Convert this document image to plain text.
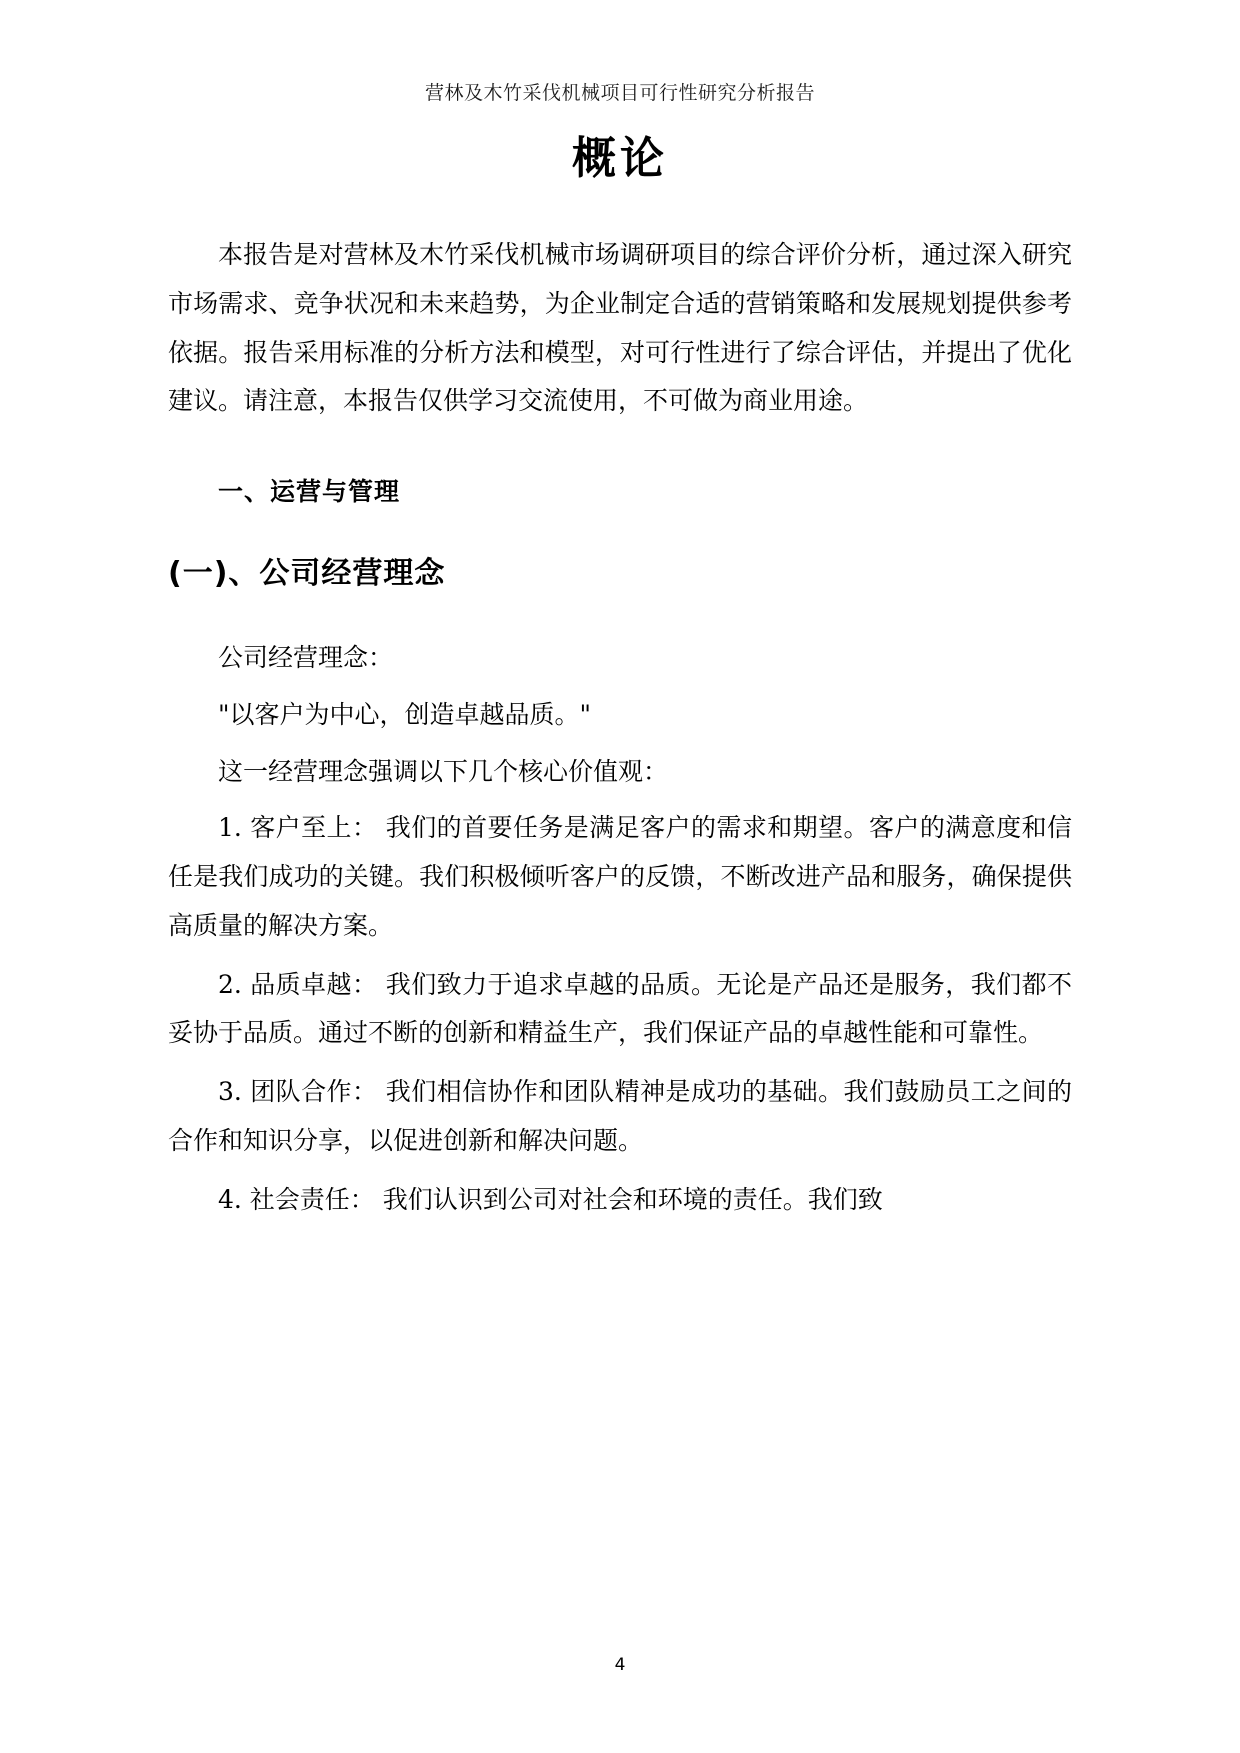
营林及木竹采伐机械项目可行性研究分析报告
概论

本报告是对营林及木竹采伐机械市场调研项目的综合评价分析，通过深入研究市场需求、竞争状况和未来趋势，为企业制定合适的营销策略和发展规划提供参考依据。报告采用标准的分析方法和模型，对可行性进行了综合评估，并提出了优化建议。请注意，本报告仅供学习交流使用，不可做为商业用途。

一、运营与管理
(一)、公司经营理念

公司经营理念：

"以客户为中心，创造卓越品质。"

这一经营理念强调以下几个核心价值观：

1. 客户至上： 我们的首要任务是满足客户的需求和期望。客户的满意度和信任是我们成功的关键。我们积极倾听客户的反馈，不断改进产品和服务，确保提供高质量的解决方案。

2. 品质卓越： 我们致力于追求卓越的品质。无论是产品还是服务，我们都不妥协于品质。通过不断的创新和精益生产，我们保证产品的卓越性能和可靠性。

3. 团队合作： 我们相信协作和团队精神是成功的基础。我们鼓励员工之间的合作和知识分享，以促进创新和解决问题。

4. 社会责任： 我们认识到公司对社会和环境的责任。我们致

4
